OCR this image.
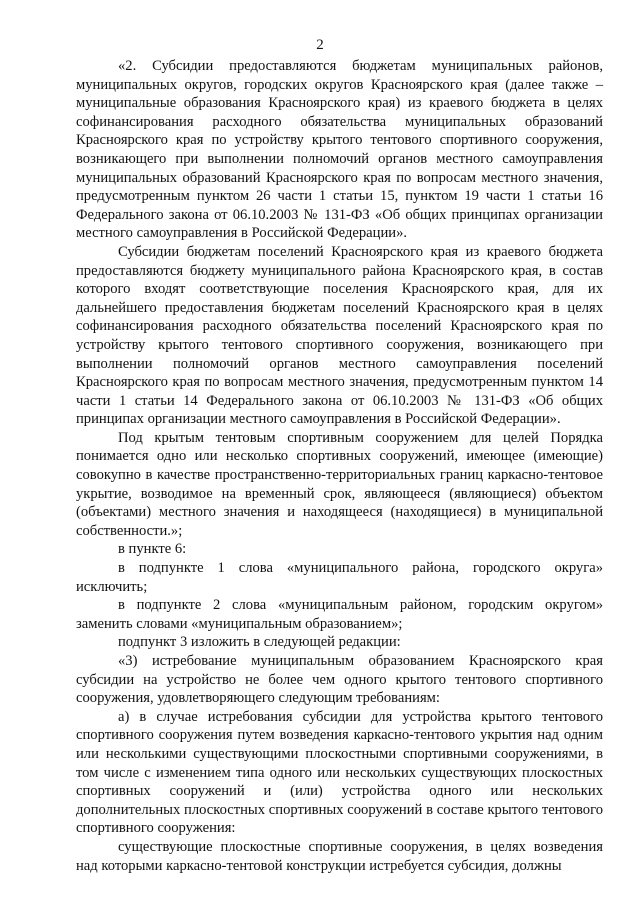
2

«2. Субсидии предоставляются бюджетам муниципальных районов, муниципальных округов, городских округов Красноярского края (далее также – муниципальные образования Красноярского края) из краевого бюджета в целях софинансирования расходного обязательства муниципальных образований Красноярского края по устройству крытого тентового спортивного сооружения, возникающего при выполнении полномочий органов местного самоуправления муниципальных образований Красноярского края по вопросам местного значения, предусмотренным пунктом 26 части 1 статьи 15, пунктом 19 части 1 статьи 16 Федерального закона от 06.10.2003 № 131-ФЗ «Об общих принципах организации местного самоуправления в Российской Федерации».

Субсидии бюджетам поселений Красноярского края из краевого бюджета предоставляются бюджету муниципального района Красноярского края, в состав которого входят соответствующие поселения Красноярского края, для их дальнейшего предоставления бюджетам поселений Красноярского края в целях софинансирования расходного обязательства поселений Красноярского края по устройству крытого тентового спортивного сооружения, возникающего при выполнении полномочий органов местного самоуправления поселений Красноярского края по вопросам местного значения, предусмотренным пунктом 14 части 1 статьи 14 Федерального закона от 06.10.2003 № 131-ФЗ «Об общих принципах организации местного самоуправления в Российской Федерации».

Под крытым тентовым спортивным сооружением для целей Порядка понимается одно или несколько спортивных сооружений, имеющее (имеющие) совокупно в качестве пространственно-территориальных границ каркасно-тентовое укрытие, возводимое на временный срок, являющееся (являющиеся) объектом (объектами) местного значения и находящееся (находящиеся) в муниципальной собственности.»;

в пункте 6:

в подпункте 1 слова «муниципального района, городского округа» исключить;

в подпункте 2 слова «муниципальным районом, городским округом» заменить словами «муниципальным образованием»;

подпункт 3 изложить в следующей редакции:

«3) истребование муниципальным образованием Красноярского края субсидии на устройство не более чем одного крытого тентового спортивного сооружения, удовлетворяющего следующим требованиям:

а) в случае истребования субсидии для устройства крытого тентового спортивного сооружения путем возведения каркасно-тентового укрытия над одним или несколькими существующими плоскостными спортивными сооружениями, в том числе с изменением типа одного или нескольких существующих плоскостных спортивных сооружений и (или) устройства одного или нескольких дополнительных плоскостных спортивных сооружений в составе крытого тентового спортивного сооружения:

существующие плоскостные спортивные сооружения, в целях возведения над которыми каркасно-тентовой конструкции истребуется субсидия, должны
